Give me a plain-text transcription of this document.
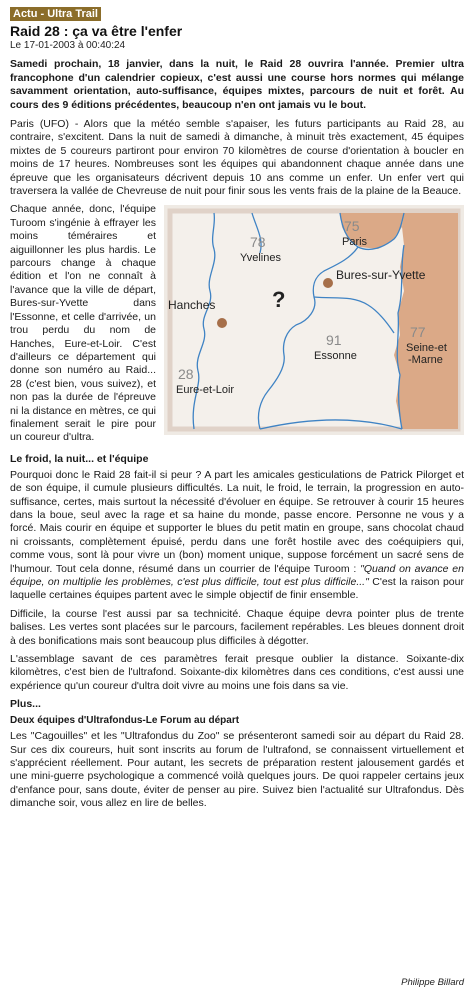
Actu - Ultra Trail
Raid 28 : ça va être l'enfer
Le 17-01-2003 à 00:40:24
Samedi prochain, 18 janvier, dans la nuit, le Raid 28 ouvrira l'année. Premier ultra francophone d'un calendrier copieux, c'est aussi une course hors normes qui mélange savamment orientation, auto-suffisance, équipes mixtes, parcours de nuit et forêt. Au cours des 9 éditions précédentes, beaucoup n'en ont jamais vu le bout.

Paris (UFO) - Alors que la météo semble s'apaiser, les futurs participants au Raid 28, au contraire, s'excitent. Dans la nuit de samedi à dimanche, à minuit très exactement, 45 équipes mixtes de 5 coureurs partiront pour environ 70 kilomètres de course d'orientation à boucler en moins de 17 heures. Nombreuses sont les équipes qui abandonnent chaque année dans une épreuve que les organisateurs décrivent depuis 10 ans comme un enfer. Un enfer vert qui traversera la vallée de Chevreuse de nuit pour finir sous les vents frais de la plaine de la Beauce.

75
Paris
78
Yvelines
Bures-sur-Yvette
Hanches	?
91
Essonne
77
Seine-et
-Marne
28
Eure-et-Loir

Chaque année, donc, l'équipe Turoom s'ingénie à effrayer les moins téméraires et aiguillonner les plus hardis. Le parcours change à chaque édition et l'on ne connaît à l'avance que la ville de départ, Bures-sur-Yvette dans l'Essonne, et celle d'arrivée, un trou perdu du nom de Hanches, Eure-et-Loir. C'est d'ailleurs ce département qui donne son numéro au Raid... 28 (c'est bien, vous suivez), et non pas la durée de l'épreuve ni la distance en mètres, ce qui finalement serait le pire pour un coureur d'ultra.

Le froid, la nuit... et l'équipe

Pourquoi donc le Raid 28 fait-il si peur ? A part les amicales gesticulations de Patrick Pilorget et de son équipe, il cumule plusieurs difficultés. La nuit, le froid, le terrain, la progression en auto-suffisance, certes, mais surtout la nécessité d'évoluer en équipe. Se retrouver à courir 15 heures dans la boue, seul avec la rage et sa haine du monde, passe encore. Personne ne vous y a forcé. Mais courir en équipe et supporter le blues du petit matin en groupe, sans chocolat chaud ni croissants, complètement épuisé, perdu dans une forêt hostile avec des coéquipiers qui, comme vous, sont là pour vivre un (bon) moment unique, suppose forcément un sacré sens de l'humour. Tout cela donne, résumé dans un courrier de l'équipe Turoom : "Quand on avance en équipe, on multiplie les problèmes, c'est plus difficile, tout est plus difficile..." C'est la raison pour laquelle certaines équipes partent avec le simple objectif de finir ensemble.

Difficile, la course l'est aussi par sa technicité. Chaque équipe devra pointer plus de trente balises. Les vertes sont placées sur le parcours, facilement repérables. Les bleues donnent droit à des bonifications mais sont beaucoup plus difficiles à dégotter.

L'assemblage savant de ces paramètres ferait presque oublier la distance. Soixante-dix kilomètres, c'est bien de l'ultrafond. Soixante-dix kilomètres dans ces conditions, c'est aussi une expérience qu'un coureur d'ultra doit vivre au moins une fois dans sa vie.

Plus...
Deux équipes d'Ultrafondus-Le Forum au départ

Les "Cagouilles" et les "Ultrafondus du Zoo" se présenteront samedi soir au départ du Raid 28. Sur ces dix coureurs, huit sont inscrits au forum de l'ultrafond, se connaissent virtuellement et s'apprécient réellement. Pour autant, les secrets de préparation restent jalousement gardés et une mini-guerre psychologique a commencé voilà quelques jours. De quoi rappeler certains jeux d'enfance pour, sans doute, éviter de penser au pire. Suivez bien l'actualité sur Ultrafondus. Dès dimanche soir, vous allez en lire de belles.

Philippe Billard
